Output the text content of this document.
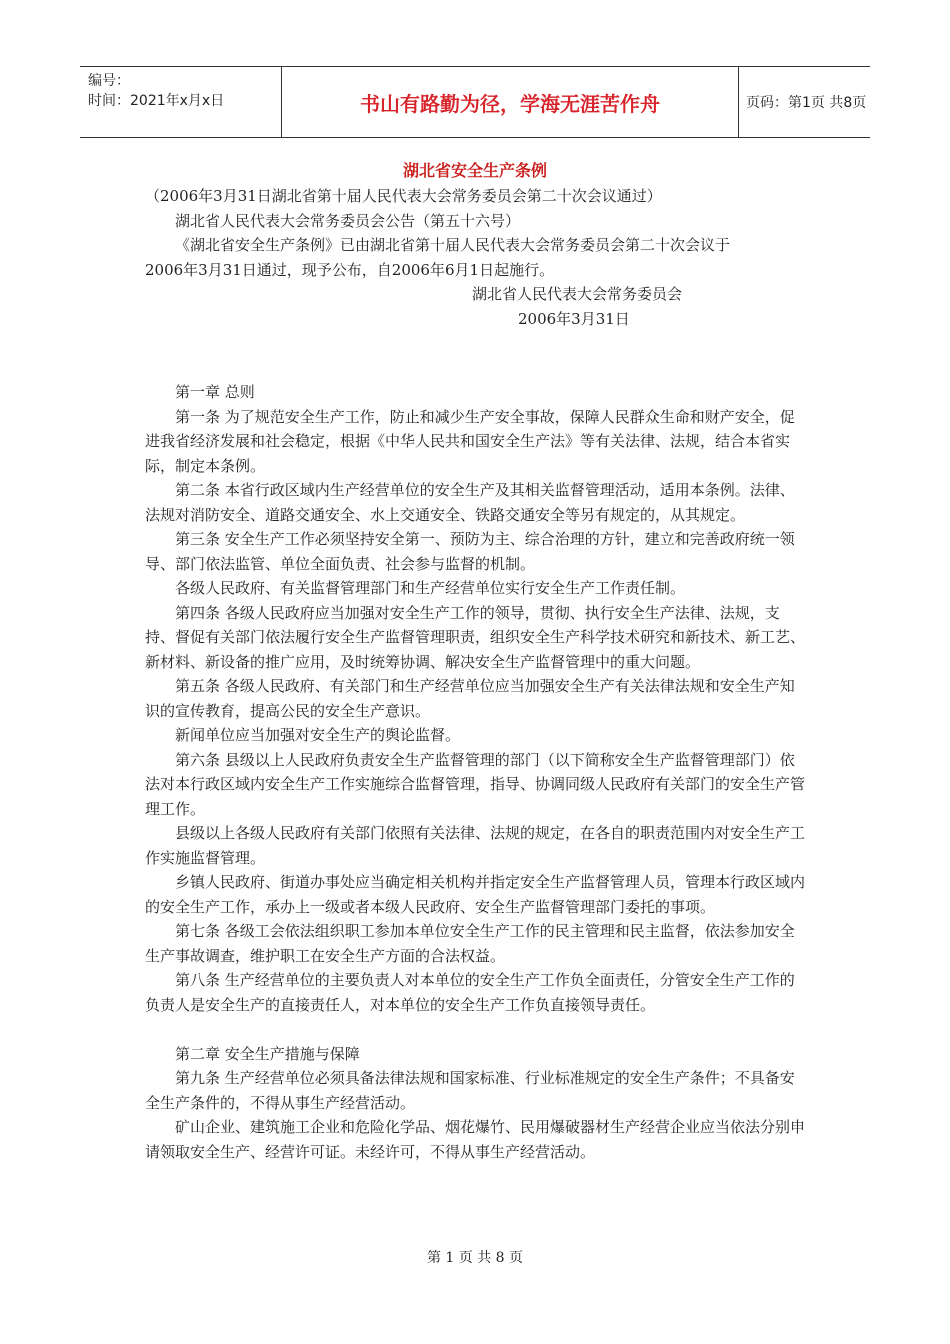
编号：
时间：2021年x月x日	书山有路勤为径，学海无涯苦作舟	页码：第1页 共8页
湖北省安全生产条例

（2006年3月31日湖北省第十届人民代表大会常务委员会第二十次会议通过）

湖北省人民代表大会常务委员会公告（第五十六号）

《湖北省安全生产条例》已由湖北省第十届人民代表大会常务委员会第二十次会议于

2006年3月31日通过，现予公布，自2006年6月1日起施行。

湖北省人民代表大会常务委员会

2006年3月31日

第一章 总则

第一条 为了规范安全生产工作，防止和减少生产安全事故，保障人民群众生命和财产安全，促进我省经济发展和社会稳定，根据《中华人民共和国安全生产法》等有关法律、法规，结合本省实际，制定本条例。

第二条 本省行政区域内生产经营单位的安全生产及其相关监督管理活动，适用本条例。法律、法规对消防安全、道路交通安全、水上交通安全、铁路交通安全等另有规定的，从其规定。

第三条 安全生产工作必须坚持安全第一、预防为主、综合治理的方针，建立和完善政府统一领导、部门依法监管、单位全面负责、社会参与监督的机制。

各级人民政府、有关监督管理部门和生产经营单位实行安全生产工作责任制。

第四条 各级人民政府应当加强对安全生产工作的领导，贯彻、执行安全生产法律、法规，支持、督促有关部门依法履行安全生产监督管理职责，组织安全生产科学技术研究和新技术、新工艺、新材料、新设备的推广应用，及时统筹协调、解决安全生产监督管理中的重大问题。

第五条 各级人民政府、有关部门和生产经营单位应当加强安全生产有关法律法规和安全生产知识的宣传教育，提高公民的安全生产意识。

新闻单位应当加强对安全生产的舆论监督。

第六条 县级以上人民政府负责安全生产监督管理的部门（以下简称安全生产监督管理部门）依法对本行政区域内安全生产工作实施综合监督管理，指导、协调同级人民政府有关部门的安全生产管理工作。

县级以上各级人民政府有关部门依照有关法律、法规的规定，在各自的职责范围内对安全生产工作实施监督管理。

乡镇人民政府、街道办事处应当确定相关机构并指定安全生产监督管理人员，管理本行政区域内的安全生产工作，承办上一级或者本级人民政府、安全生产监督管理部门委托的事项。

第七条 各级工会依法组织职工参加本单位安全生产工作的民主管理和民主监督，依法参加安全生产事故调查，维护职工在安全生产方面的合法权益。

第八条 生产经营单位的主要负责人对本单位的安全生产工作负全面责任，分管安全生产工作的负责人是安全生产的直接责任人，对本单位的安全生产工作负直接领导责任。

第二章 安全生产措施与保障

第九条 生产经营单位必须具备法律法规和国家标准、行业标准规定的安全生产条件；不具备安全生产条件的，不得从事生产经营活动。

矿山企业、建筑施工企业和危险化学品、烟花爆竹、民用爆破器材生产经营企业应当依法分别申请领取安全生产、经营许可证。未经许可，不得从事生产经营活动。

第 1 页 共 8 页
